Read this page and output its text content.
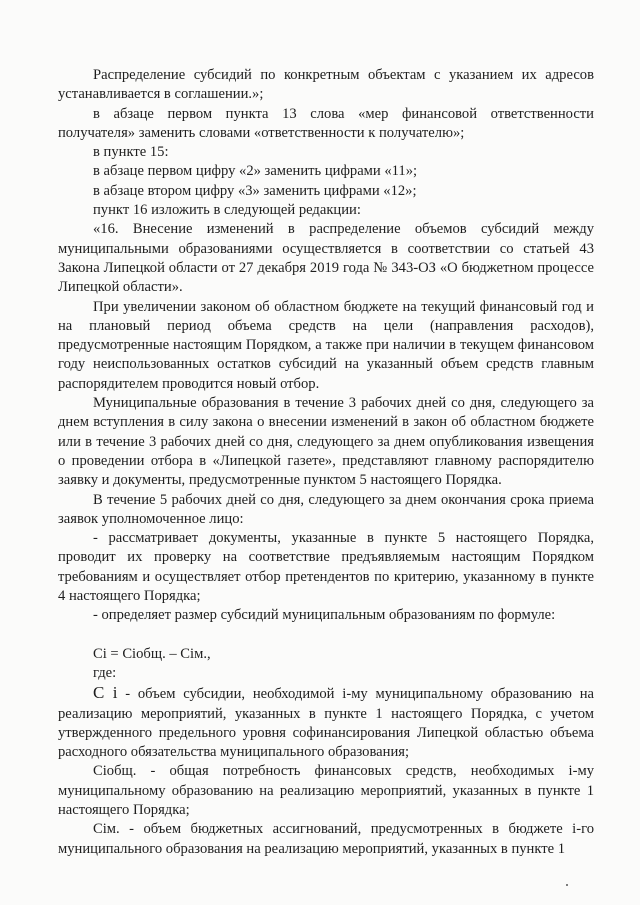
Распределение субсидий по конкретным объектам с указанием их адресов устанавливается в соглашении.»;

в абзаце первом пункта 13 слова «мер финансовой ответственности получателя» заменить словами «ответственности к получателю»;

в пункте 15:

в абзаце первом цифру «2» заменить цифрами «11»;

в абзаце втором цифру «3» заменить цифрами «12»;

пункт 16 изложить в следующей редакции:

«16. Внесение изменений в распределение объемов субсидий между муниципальными образованиями осуществляется в соответствии со статьей 43 Закона Липецкой области от 27 декабря 2019 года № 343-ОЗ «О бюджетном процессе Липецкой области».

При увеличении законом об областном бюджете на текущий финансовый год и на плановый период объема средств на цели (направления расходов), предусмотренные настоящим Порядком, а также при наличии в текущем финансовом году неиспользованных остатков субсидий на указанный объем средств главным распорядителем проводится новый отбор.

Муниципальные образования в течение 3 рабочих дней со дня, следующего за днем вступления в силу закона о внесении изменений в закон об областном бюджете или в течение 3 рабочих дней со дня, следующего за днем опубликования извещения о проведении отбора в «Липецкой газете», представляют главному распорядителю заявку и документы, предусмотренные пунктом 5 настоящего Порядка.

В течение 5 рабочих дней со дня, следующего за днем окончания срока приема заявок уполномоченное лицо:

- рассматривает документы, указанные в пункте 5 настоящего Порядка, проводит их проверку на соответствие предъявляемым настоящим Порядком требованиям и осуществляет отбор претендентов по критерию, указанному в пункте 4 настоящего Порядка;

- определяет размер субсидий муниципальным образованиям по формуле:

Ci = Ciобщ. – Ciм.,

где:

С i - объем субсидии, необходимой i-му муниципальному образованию на реализацию мероприятий, указанных в пункте 1 настоящего Порядка, с учетом утвержденного предельного уровня софинансирования Липецкой областью объема расходного обязательства муниципального образования;

Ciобщ. - общая потребность финансовых средств, необходимых i-му муниципальному образованию на реализацию мероприятий, указанных в пункте 1 настоящего Порядка;

Ciм. - объем бюджетных ассигнований, предусмотренных в бюджете i-го муниципального образования на реализацию мероприятий, указанных в пункте 1
